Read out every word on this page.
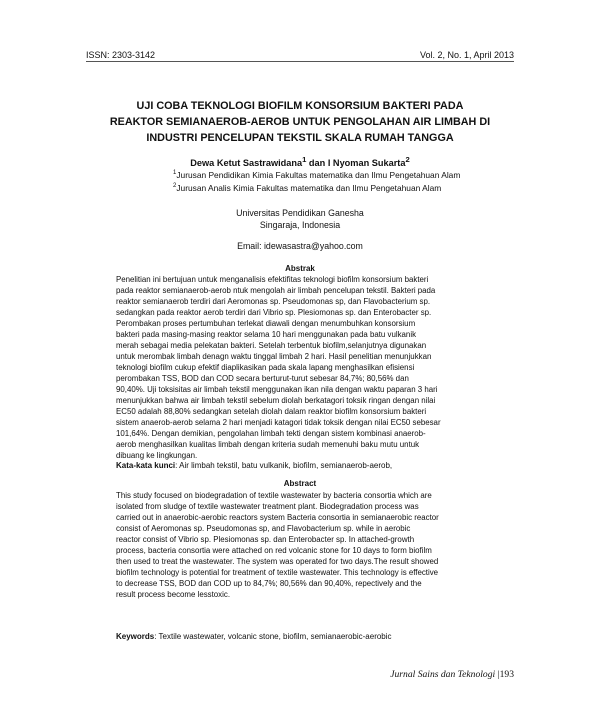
ISSN: 2303-3142	Vol. 2, No. 1, April 2013
UJI COBA TEKNOLOGI BIOFILM KONSORSIUM BAKTERI PADA
REAKTOR SEMIANAEROB-AEROB UNTUK PENGOLAHAN AIR LIMBAH DI
INDUSTRI PENCELUPAN TEKSTIL SKALA RUMAH TANGGA
Dewa Ketut Sastrawidana$^1$ dan I Nyoman Sukarta$^2$
$^1$Jurusan Pendidikan Kimia Fakultas matematika dan Ilmu Pengetahuan Alam
$^2$Jurusan Analis Kimia Fakultas matematika dan Ilmu Pengetahuan Alam
Universitas Pendidikan Ganesha
Singaraja, Indonesia
Email: idewasastra@yahoo.com
Abstrak
Penelitian ini bertujuan untuk menganalisis efektifitas teknologi biofilm konsorsium bakteri
pada reaktor semianaerob-aerob ntuk mengolah air limbah pencelupan tekstil. Bakteri pada
reaktor semianaerob terdiri dari Aeromonas sp. Pseudomonas sp, dan Flavobacterium sp.
sedangkan pada reaktor aerob terdiri dari Vibrio sp. Plesiomonas sp. dan Enterobacter sp.
Perombakan proses pertumbuhan terlekat diawali dengan menumbuhkan konsorsium
bakteri pada masing-masing reaktor selama 10 hari menggunakan pada batu vulkanik
merah sebagai media pelekatan bakteri. Setelah terbentuk biofilm,selanjutnya digunakan
untuk merombak limbah denagn waktu tinggal limbah 2 hari. Hasil penelitian menunjukkan
teknologi biofilm cukup efektif diaplikasikan pada skala lapang menghasilkan efisiensi
perombakan TSS, BOD dan COD secara berturut-turut sebesar 84,7%; 80,56% dan
90,40%. Uji toksisitas air limbah tekstil menggunakan ikan nila dengan waktu paparan 3 hari
menunjukkan bahwa air limbah tekstil sebelum diolah berkatagori toksik ringan dengan nilai
EC50 adalah 88,80% sedangkan setelah diolah dalam reaktor biofilm konsorsium bakteri
sistem anaerob-aerob selama 2 hari menjadi katagori tidak toksik dengan nilai EC50 sebesar
101,64%. Dengan demikian, pengolahan limbah tekti dengan sistem kombinasi anaerob-
aerob menghasilkan kualitas limbah dengan kriteria sudah memenuhi baku mutu untuk
dibuang ke lingkungan.
Kata-kata kunci: Air limbah tekstil, batu vulkanik, biofilm, semianaerob-aerob,
Abstract
This study focused on biodegradation of textile wastewater by bacteria consortia which are
isolated from sludge of textile wastewater treatment plant. Biodegradation process was
carried out in anaerobic-aerobic reactors system Bacteria consortia in semianaerobic reactor
consist of Aeromonas sp. Pseudomonas sp, and Flavobacterium sp. while in aerobic
reactor consist of Vibrio sp. Plesiomonas sp. dan Enterobacter sp. In attached-growth
process, bacteria consortia were attached on red volcanic stone for 10 days to form biofilm
then used to treat the wastewater. The system was operated for two days.The result showed
biofilm technology is potential for treatment of textile wastewater. This technology is effective
to decrease TSS, BOD dan COD up to 84,7%; 80,56% dan 90,40%, repectively and the
result process become lesstoxic.
Keywords: Textile wastewater, volcanic stone, biofilm, semianaerobic-aerobic
Jurnal Sains dan Teknologi |193
